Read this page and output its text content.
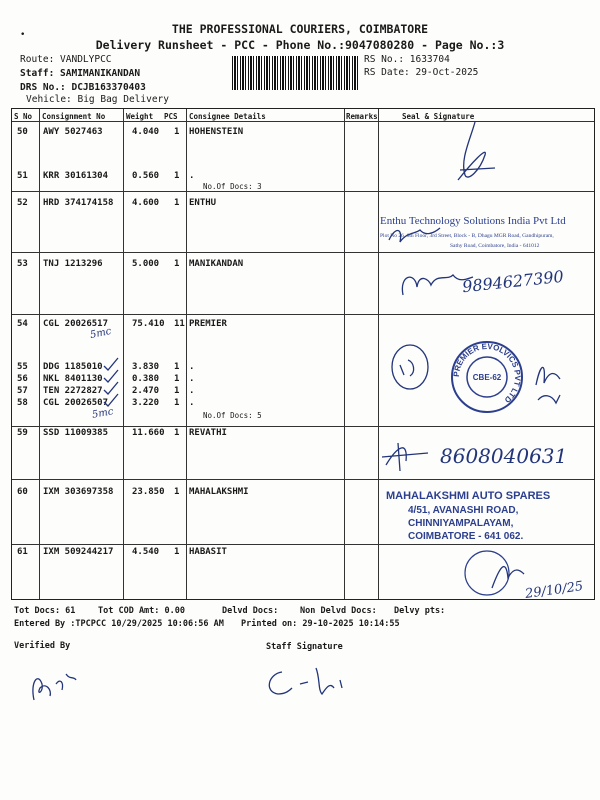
THE PROFESSIONAL COURIERS, COIMBATORE
Delivery Runsheet - PCC - Phone No.:9047080280 - Page No.:3
Route: VANDLYPCC
Staff: SAMIMANIKANDAN
DRS No.: DCJB163370403
Vehicle: Big Bag Delivery
RS No.: 1633704
RS Date: 29-Oct-2025
S No Consignment No	Weight PCS Consignee Details	Remarks	Seal & Signature
50 AWY 5027463	4.040 1 HOHENSTEIN
51 KRR 30161304	0.560 1 .
No.Of Docs: 3
52 HRD 374174158 4.600 1 ENTHU
53 TNJ 1213296	5.000 1 MANIKANDAN
54 CGL 20026517	75.410 11 PREMIER
55 DDG 1185010	3.830 1 .
56 NKL 8401130	0.380 1 .
57 TEN 2272827	2.470 1 .
58 CGL 20026507	3.220 1 .
No.Of Docs: 5
59 SSD 11009385	11.660 1 REVATHI
60 IXM 303697358 23.850 1 MAHALAKSHMI
61 IXM 509244217 4.540 1 HABASIT
5mc
5mc
Enthu Technology Solutions India Pvt Ltd
Plot No 26, 6th Floor, 3rd Street, Block - B, Dhagu MGR Road, Gandhipuram,
Sathy Road, Coimbatore, India - 641012
9894627390
PREMIER EVOLVICS PVT LTD
CBE-62
8608040631
MAHALAKSHMI AUTO SPARES
4/51, AVANASHI ROAD,
CHINNIYAMPALAYAM,
COIMBATORE - 641 062.
29/10/25
Tot Docs: 61	Tot COD Amt: 0.00	Delvd Docs:	Non Delvd Docs: Delvy pts:
Entered By :TPCPCC 10/29/2025 10:06:56 AM Printed on: 29-10-2025 10:14:55
Verified By	Staff Signature
•
